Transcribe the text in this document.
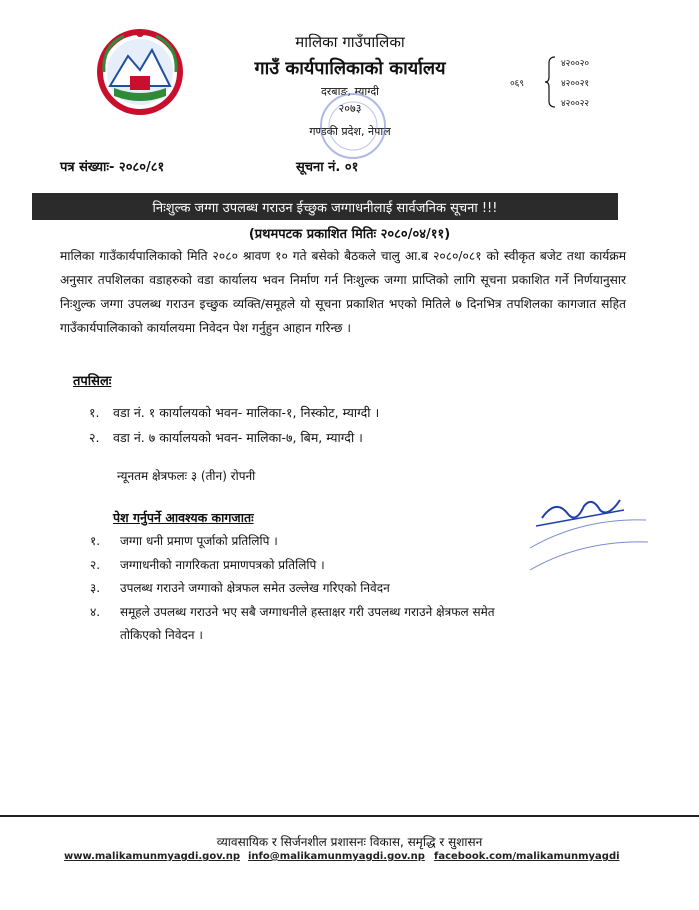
मालिका गाउँपालिका
गाउँ कार्यपालिकाको कार्यालय
दरबाङ, म्याग्दी
२०७३
गण्डकी प्रदेश, नेपाल
०६९
४२००२०
४२००२१
४२००२२
पत्र संख्याः- २०८०/८१	सूचना नं. ०१
निःशुल्क जग्गा उपलब्ध गराउन ईच्छुक जग्गाधनीलाई सार्वजनिक सूचना !!!
(प्रथमपटक प्रकाशित मितिः २०८०/०४/११)
मालिका गाउँकार्यपालिकाको मिति २०८० श्रावण १० गते बसेको बैठकले चालु आ.ब २०८०/०८१ को स्वीकृत बजेट तथा कार्यक्रम अनुसार तपशिलका वडाहरुको वडा कार्यालय भवन निर्माण गर्न निःशुल्क जग्गा प्राप्तिको लागि सूचना प्रकाशित गर्ने निर्णयानुसार निःशुल्क जग्गा उपलब्ध गराउन इच्छुक व्यक्ति/समूहले यो सूचना प्रकाशित भएको मितिले ७ दिनभित्र तपशिलका कागजात सहित गाउँकार्यपालिकाको कार्यालयमा निवेदन पेश गर्नुहुन आहान गरिन्छ ।
तपसिलः
१. वडा नं. १ कार्यालयको भवन- मालिका-१, निस्कोट, म्याग्दी ।
२. वडा नं. ७ कार्यालयको भवन- मालिका-७, बिम, म्याग्दी ।
न्यूनतम क्षेत्रफलः ३ (तीन) रोपनी
पेश गर्नुपर्ने आवश्यक कागजातः
१. जग्गा धनी प्रमाण पूर्जाको प्रतिलिपि ।
२. जग्गाधनीको नागरिकता प्रमाणपत्रको प्रतिलिपि ।
३. उपलब्ध गराउने जग्गाको क्षेत्रफल समेत उल्लेख गरिएको निवेदन
४. समूहले उपलब्ध गराउने भए सबै जग्गाधनीले हस्ताक्षर गरी उपलब्ध गराउने क्षेत्रफल समेत
तोकिएको निवेदन ।
व्यावसायिक र सिर्जनशील प्रशासनः विकास, समृद्धि र सुशासन
www.malikamunmyagdi.gov.np info@malikamunmyagdi.gov.np facebook.com/malikamunmyagdi
